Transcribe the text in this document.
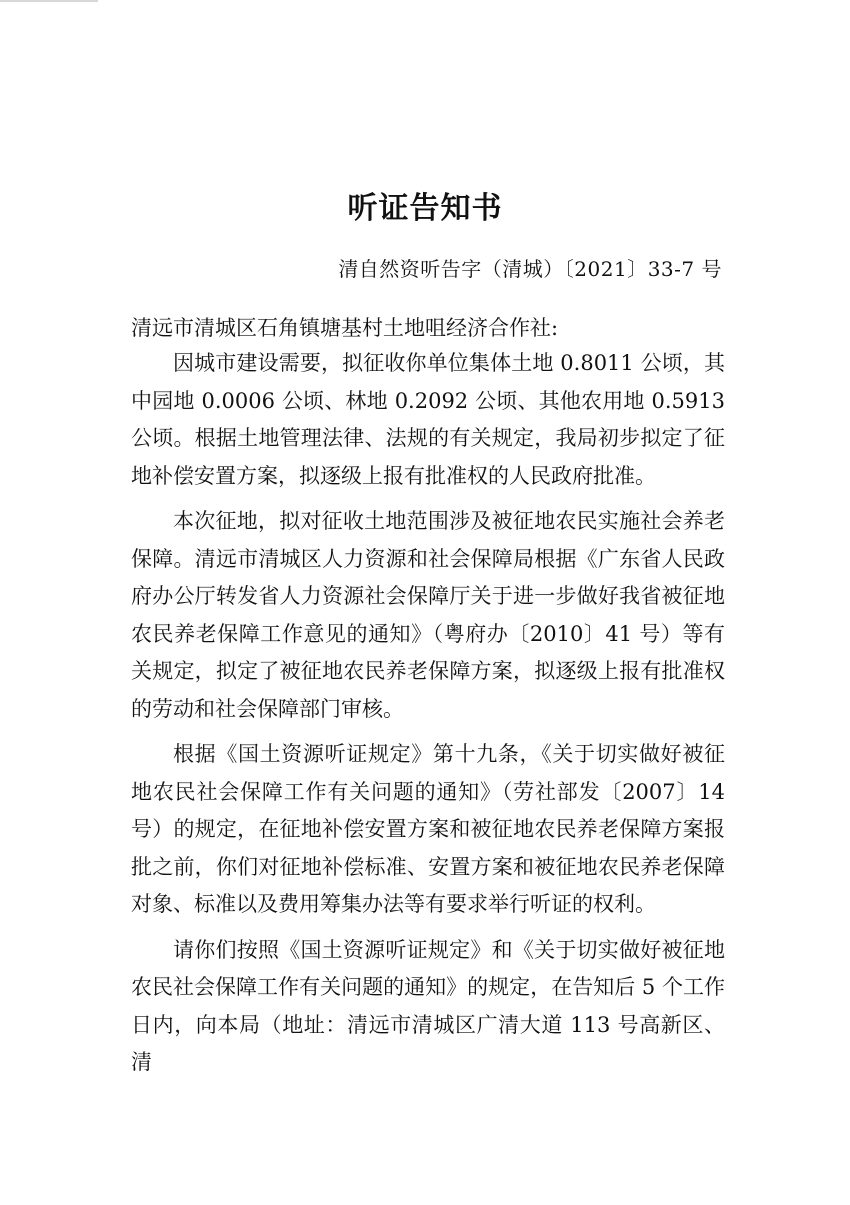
听证告知书
清自然资听告字（清城）〔2021〕33-7 号
清远市清城区石角镇塘基村土地咀经济合作社:

因城市建设需要，拟征收你单位集体土地 0.8011 公顷，其中园地 0.0006 公顷、林地 0.2092 公顷、其他农用地 0.5913 公顷。根据土地管理法律、法规的有关规定，我局初步拟定了征地补偿安置方案，拟逐级上报有批准权的人民政府批准。

本次征地，拟对征收土地范围涉及被征地农民实施社会养老保障。清远市清城区人力资源和社会保障局根据《广东省人民政府办公厅转发省人力资源社会保障厅关于进一步做好我省被征地农民养老保障工作意见的通知》（粤府办〔2010〕41 号）等有关规定，拟定了被征地农民养老保障方案，拟逐级上报有批准权的劳动和社会保障部门审核。

根据《国土资源听证规定》第十九条，《关于切实做好被征地农民社会保障工作有关问题的通知》（劳社部发〔2007〕14 号）的规定，在征地补偿安置方案和被征地农民养老保障方案报批之前，你们对征地补偿标准、安置方案和被征地农民养老保障对象、标准以及费用筹集办法等有要求举行听证的权利。

请你们按照《国土资源听证规定》和《关于切实做好被征地农民社会保障工作有关问题的通知》的规定，在告知后 5 个工作日内，向本局（地址：清远市清城区广清大道 113 号高新区、清
